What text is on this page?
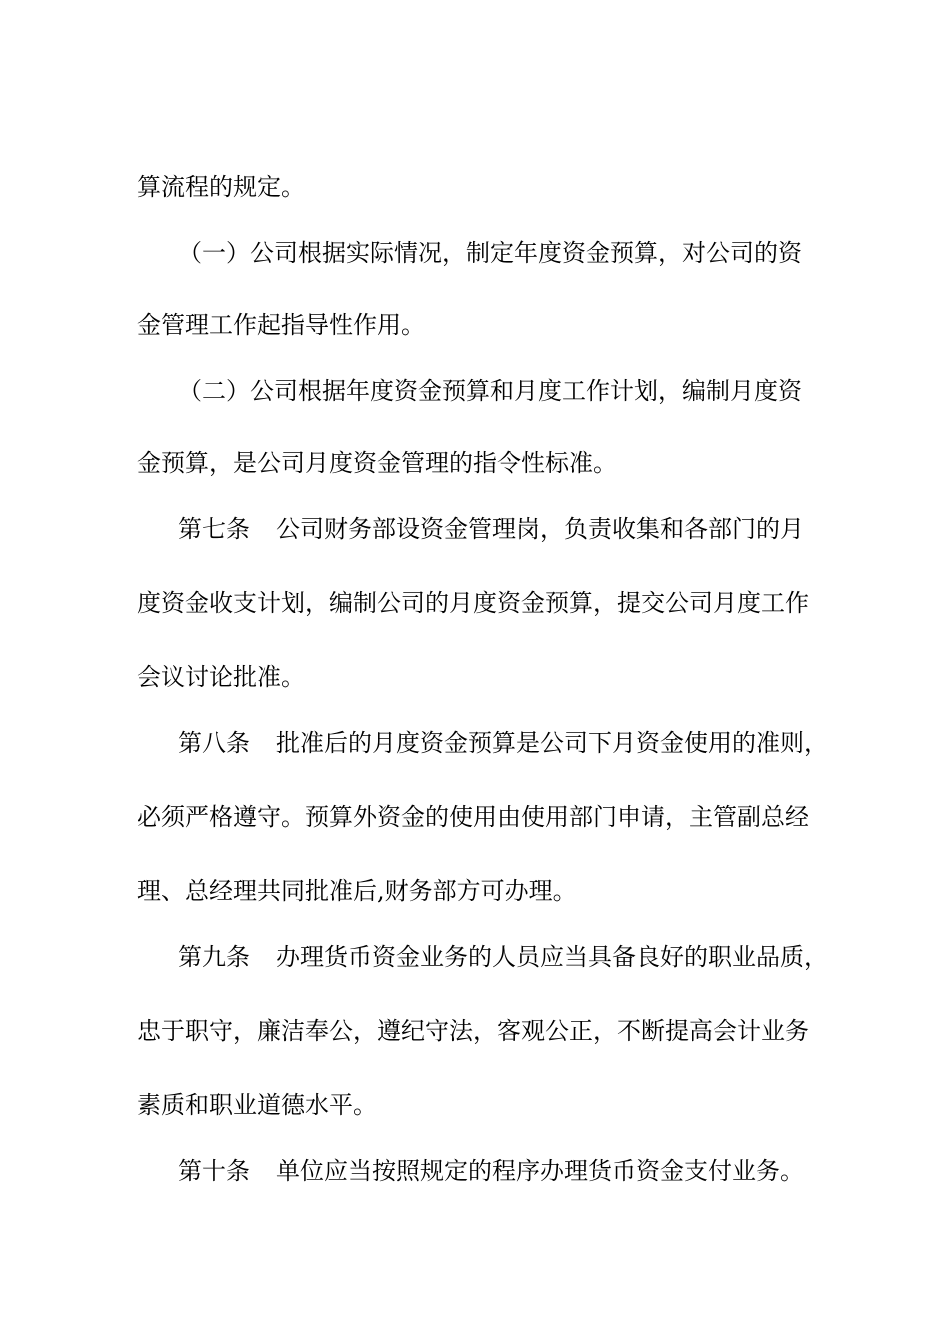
算流程的规定。

（一）公司根据实际情况，制定年度资金预算，对公司的资

金管理工作起指导性作用。

（二）公司根据年度资金预算和月度工作计划，编制月度资

金预算，是公司月度资金管理的指令性标准。

第七条 公司财务部设资金管理岗，负责收集和各部门的月

度资金收支计划，编制公司的月度资金预算，提交公司月度工作

会议讨论批准。

第八条 批准后的月度资金预算是公司下月资金使用的准则，

必须严格遵守。预算外资金的使用由使用部门申请，主管副总经

理、总经理共同批准后,财务部方可办理。

第九条 办理货币资金业务的人员应当具备良好的职业品质，

忠于职守，廉洁奉公，遵纪守法，客观公正，不断提高会计业务

素质和职业道德水平。

第十条 单位应当按照规定的程序办理货币资金支付业务。
